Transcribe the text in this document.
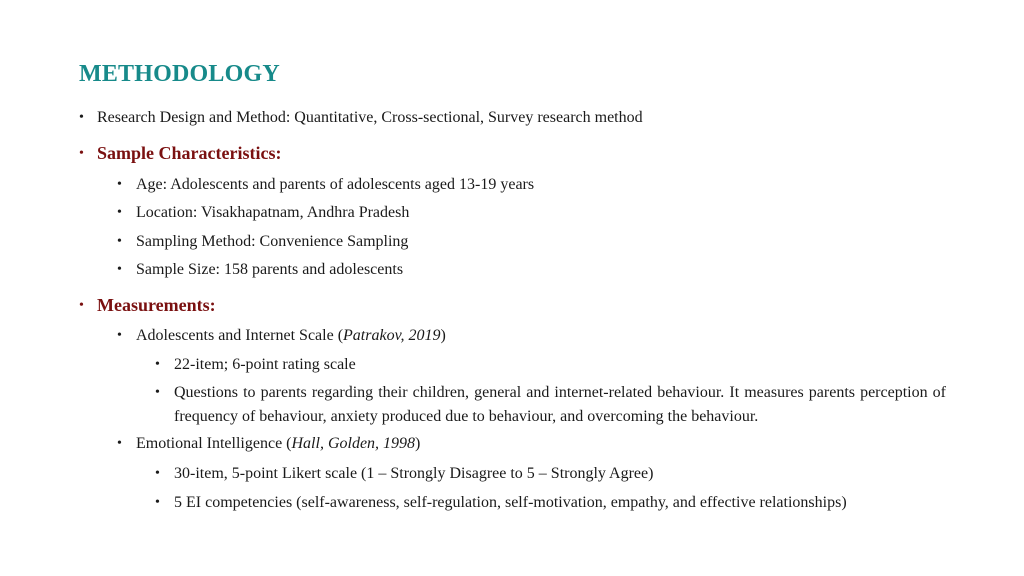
METHODOLOGY
• Research Design and Method: Quantitative, Cross-sectional, Survey research method
• Sample Characteristics:
• Age: Adolescents and parents of adolescents aged 13-19 years
• Location: Visakhapatnam, Andhra Pradesh
• Sampling Method: Convenience Sampling
• Sample Size: 158 parents and adolescents
• Measurements:
• Adolescents and Internet Scale (Patrakov, 2019)
• 22-item; 6-point rating scale
• Questions to parents regarding their children, general and internet-related behaviour. It measures parents perception of frequency of behaviour, anxiety produced due to behaviour, and overcoming the behaviour.
• Emotional Intelligence (Hall, Golden, 1998)
• 30-item, 5-point Likert scale (1 – Strongly Disagree to 5 – Strongly Agree)
• 5 EI competencies (self-awareness, self-regulation, self-motivation, empathy, and effective relationships)
